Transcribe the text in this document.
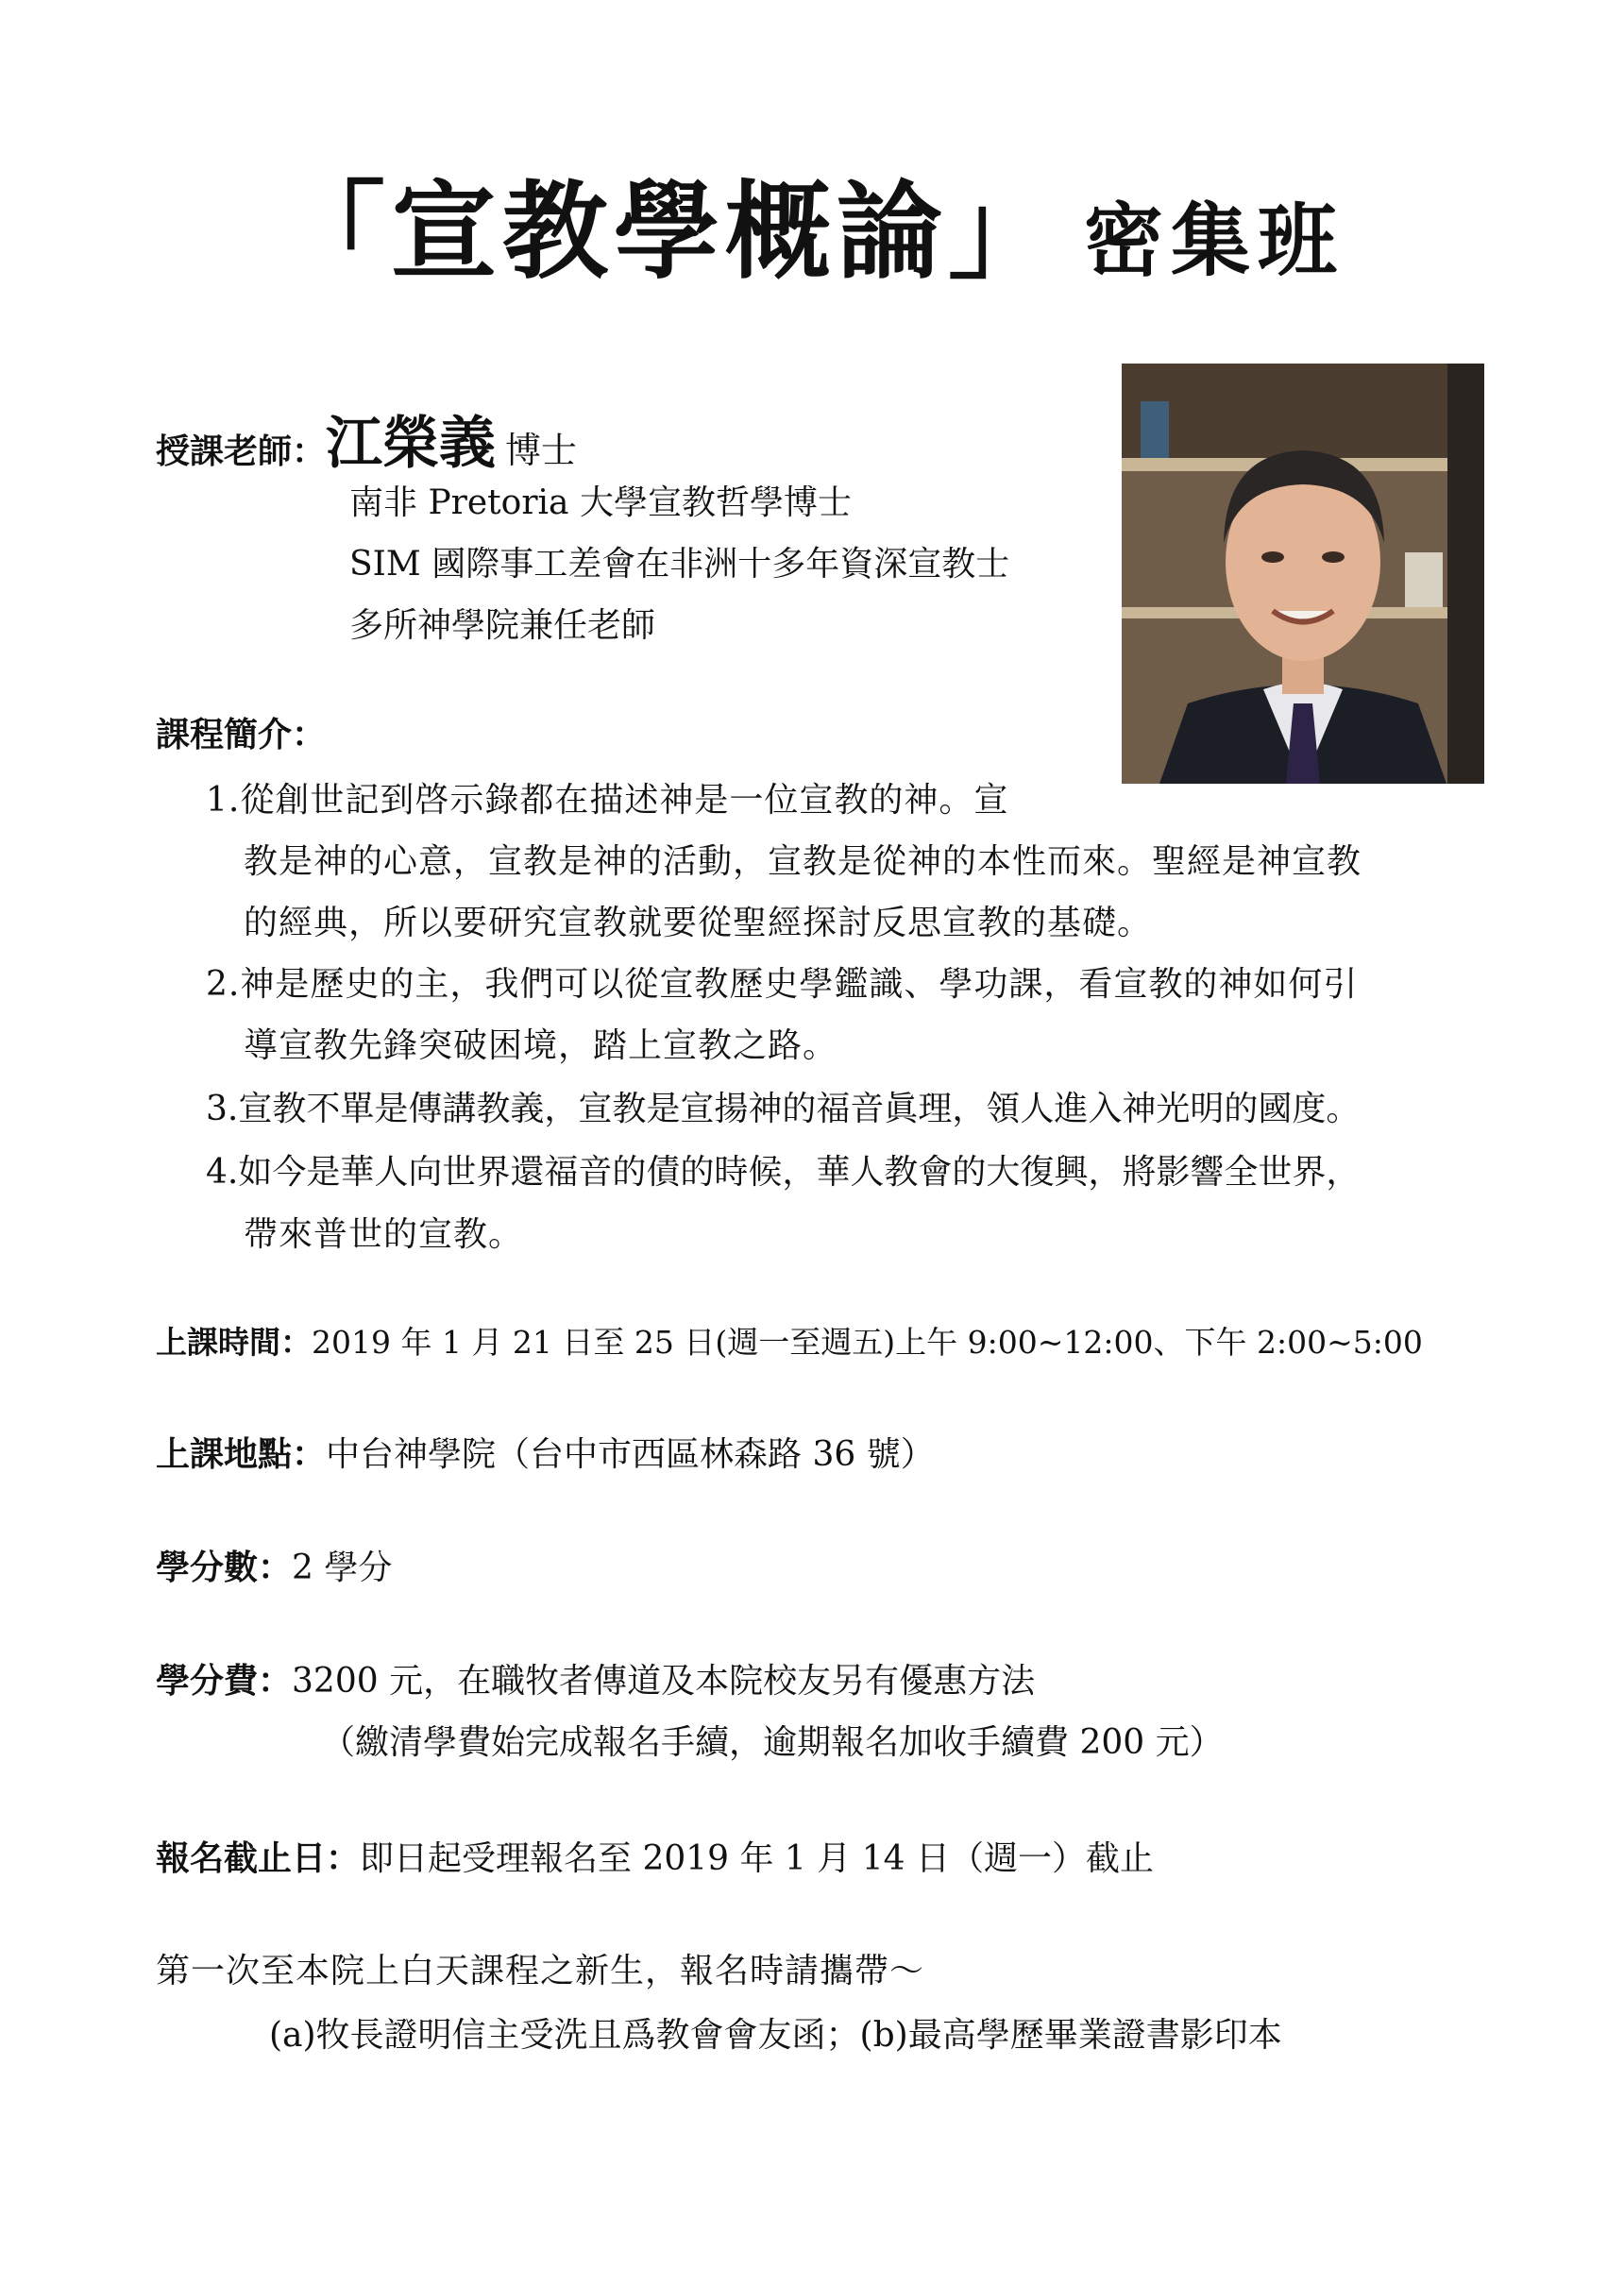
「宣教學概論」 密集班
授課老師：江榮義 博士
南非 Pretoria 大學宣教哲學博士
SIM 國際事工差會在非洲十多年資深宣教士
多所神學院兼任老師
課程簡介：
1.從創世記到啓示錄都在描述神是一位宣教的神。宣
教是神的心意，宣教是神的活動，宣教是從神的本性而來。聖經是神宣教
的經典，所以要研究宣教就要從聖經探討反思宣教的基礎。
2.神是歷史的主，我們可以從宣教歷史學鑑識、學功課，看宣教的神如何引
導宣教先鋒突破困境，踏上宣教之路。
3.宣教不單是傳講教義，宣教是宣揚神的福音眞理，領人進入神光明的國度。
4.如今是華人向世界還福音的債的時候，華人教會的大復興，將影響全世界，
帶來普世的宣教。
上課時間：2019 年 1 月 21 日至 25 日(週一至週五)上午 9:00~12:00、下午 2:00~5:00
上課地點：中台神學院（台中市西區林森路 36 號）
學分數：2 學分
學分費：3200 元，在職牧者傳道及本院校友另有優惠方法
（繳清學費始完成報名手續，逾期報名加收手續費 200 元）
報名截止日：即日起受理報名至 2019 年 1 月 14 日（週一）截止
第一次至本院上白天課程之新生，報名時請攜帶～
(a)牧長證明信主受洗且爲教會會友函；(b)最高學歷畢業證書影印本
